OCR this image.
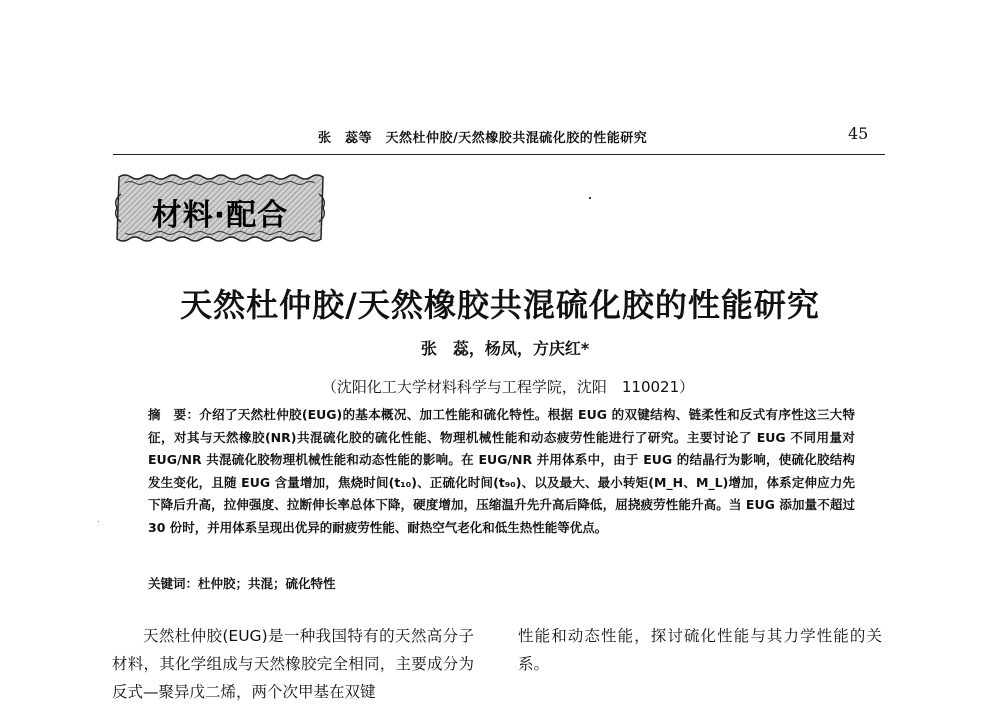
张　蕊等　天然杜仲胶/天然橡胶共混硫化胶的性能研究	45
材料·配合
天然杜仲胶/天然橡胶共混硫化胶的性能研究
张　蕊，杨凤，方庆红*
（沈阳化工大学材料科学与工程学院，沈阳　110021）
摘　要：介绍了天然杜仲胶(EUG)的基本概况、加工性能和硫化特性。根据 EUG 的双键结构、链柔性和反式有序性这三大特征，对其与天然橡胶(NR)共混硫化胶的硫化性能、物理机械性能和动态疲劳性能进行了研究。主要讨论了 EUG 不同用量对 EUG/NR 共混硫化胶物理机械性能和动态性能的影响。在 EUG/NR 并用体系中，由于 EUG 的结晶行为影响，使硫化胶结构发生变化，且随 EUG 含量增加，焦烧时间(t₁₀)、正硫化时间(t₉₀)、以及最大、最小转矩(M_H、M_L)增加，体系定伸应力先下降后升高，拉伸强度、拉断伸长率总体下降，硬度增加，压缩温升先升高后降低，屈挠疲劳性能升高。当 EUG 添加量不超过 30 份时，并用体系呈现出优异的耐疲劳性能、耐热空气老化和低生热性能等优点。
关键词：杜仲胶；共混；硫化特性
天然杜仲胶(EUG)是一种我国特有的天然高分子材料，其化学组成与天然橡胶完全相同，主要成分为反式—聚异戊二烯，两个次甲基在双键
性能和动态性能，探讨硫化性能与其力学性能的关系。
